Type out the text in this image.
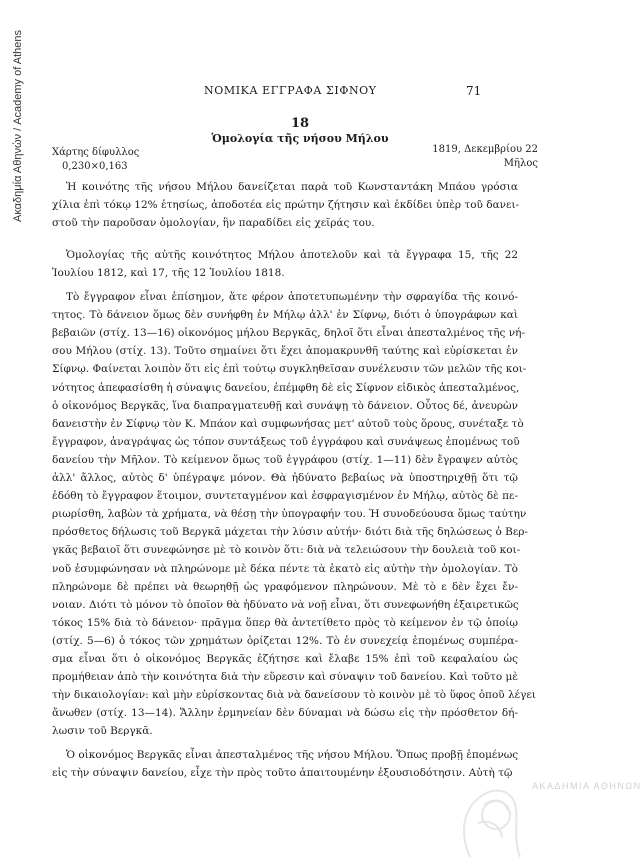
Ακαδημία Αθηνών / Academy of Athens	ΝΟΜΙΚΑ ΕΓΓΡΑΦΑ ΣΙΦΝΟΥ	71
18
Ὁμολογία τῆς νήσου Μήλου
Χάρτης δίφυλλος
0,230×0,163
1819, Δεκεμβρίου 22
Μῆλος
Ἡ κοινότης τῆς νήσου Μήλου δανείζεται παρὰ τοῦ Κωνσταντάκη Μπάου γρόσια
χίλια ἐπὶ τόκῳ 12% ἐτησίως, ἀποδοτέα εἰς πρώτην ζήτησιν καὶ ἐκδίδει ὑπὲρ τοῦ δανει-
στοῦ τὴν παροῦσαν ὁμολογίαν, ἣν παραδίδει εἰς χεῖράς του.
Ὁμολογίας τῆς αὐτῆς κοινότητος Μήλου ἀποτελοῦν καὶ τὰ ἔγγραφα 15, τῆς 22
Ἰουλίου 1812, καὶ 17, τῆς 12 Ἰουλίου 1818.
Τὸ ἔγγραφον εἶναι ἐπίσημον, ἅτε φέρον ἀποτετυπωμένην τὴν σφραγίδα τῆς κοινό-
τητος. Τὸ δάνειον ὅμως δὲν συνήφθη ἐν Μήλῳ ἀλλ' ἐν Σίφνῳ, διότι ὁ ὑπογράφων καὶ
βεβαιῶν (στίχ. 13—16) οἰκονόμος μήλου Βεργκᾶς, δηλοῖ ὅτι εἶναι ἀπεσταλμένος τῆς νή-
σου Μήλου (στίχ. 13). Τοῦτο σημαίνει ὅτι ἔχει ἀπομακρυνθῆ ταύτης καὶ εὑρίσκεται ἐν
Σίφνῳ. Φαίνεται λοιπὸν ὅτι εἰς ἐπὶ τούτῳ συγκληθεῖσαν συνέλευσιν τῶν μελῶν τῆς κοι-
νότητος ἀπεφασίσθη ἡ σύναψις δανείου, ἐπέμφθη δὲ εἰς Σίφνον εἰδικὸς ἀπεσταλμένος,
ὁ οἰκονόμος Βεργκᾶς, ἵνα διαπραγματευθῇ καὶ συνάψῃ τὸ δάνειον. Οὗτος δέ, ἀνευρὼν
δανειστὴν ἐν Σίφνῳ τὸν Κ. Μπάον καὶ συμφωνήσας μετ' αὐτοῦ τοὺς ὅρους, συνέταξε τὸ
ἔγγραφον, ἀναγράψας ὡς τόπον συντάξεως τοῦ ἐγγράφου καὶ συνάψεως ἑπομένως τοῦ
δανείου τὴν Μῆλον. Τὸ κείμενον ὅμως τοῦ ἐγγράφου (στίχ. 1—11) δὲν ἔγραψεν αὐτὸς
ἀλλ' ἄλλος, αὐτὸς δ' ὑπέγραψε μόνον. Θὰ ἠδύνατο βεβαίως νὰ ὑποστηριχθῇ ὅτι τῷ
ἐδόθη τὸ ἔγγραφον ἕτοιμον, συντεταγμένον καὶ ἐσφραγισμένον ἐν Μήλῳ, αὐτὸς δὲ πε-
ριωρίσθη, λαβὼν τὰ χρήματα, νὰ θέσῃ τὴν ὑπογραφήν του. Ἡ συνοδεύουσα ὅμως ταύτην
πρόσθετος δήλωσις τοῦ Βεργκᾶ μάχεται τὴν λύσιν αὐτήν· διότι διὰ τῆς δηλώσεως ὁ Βερ-
γκᾶς βεβαιοῖ ὅτι συνεφώνησε μὲ τὸ κοινὸν ὅτι: διὰ νὰ τελειώσουν τὴν δουλειὰ τοῦ κοι-
νοῦ ἐσυμφώνησαν νὰ πληρώνομε μὲ δέκα πέντε τὰ ἑκατὸ εἰς αὐτὴν τὴν ὁμολογίαν. Τὸ
πληρώνομε δὲ πρέπει νὰ θεωρηθῇ ὡς γραφόμενον πληρώνουν. Μὲ τὸ ε δὲν ἔχει ἔν-
νοιαν. Διότι τὸ μόνον τὸ ὁποῖον θὰ ἠδύνατο νὰ νοῇ εἶναι, ὅτι συνεφωνήθη ἐξαιρετικῶς
τόκος 15% διὰ τὸ δάνειον· πρᾶγμα ὅπερ θὰ ἀντετίθετο πρὸς τὸ κείμενον ἐν τῷ ὁποίῳ
(στίχ. 5—6) ὁ τόκος τῶν χρημάτων ὁρίζεται 12%. Τὸ ἐν συνεχείᾳ ἑπομένως συμπέρα-
σμα εἶναι ὅτι ὁ οἰκονόμος Βεργκᾶς ἐζήτησε καὶ ἔλαβε 15% ἐπὶ τοῦ κεφαλαίου ὡς
προμήθειαν ἀπὸ τὴν κοινότητα διὰ τὴν εὕρεσιν καὶ σύναψιν τοῦ δανείου. Καὶ τοῦτο μὲ
τὴν δικαιολογίαν: καὶ μὴν εὑρίσκοντας διὰ νὰ δανείσουν τὸ κοινὸν μὲ τὸ ὕφος ὁποῦ λέγει
ἄνωθεν (στίχ. 13—14). Ἄλλην ἑρμηνείαν δὲν δύναμαι νὰ δώσω εἰς τὴν πρόσθετον δή-
λωσιν τοῦ Βεργκᾶ.
Ὁ οἰκονόμος Βεργκᾶς εἶναι ἀπεσταλμένος τῆς νήσου Μήλου. Ὅπως προβῇ ἑπομένως
εἰς τὴν σύναψιν δανείου, εἶχε τὴν πρὸς τοῦτο ἀπαιτουμένην ἐξουσιοδότησιν. Αὐτὴ τῷ
ΑΚΑΔΗΜΙΑ ΑΘΗΝΩΝ
